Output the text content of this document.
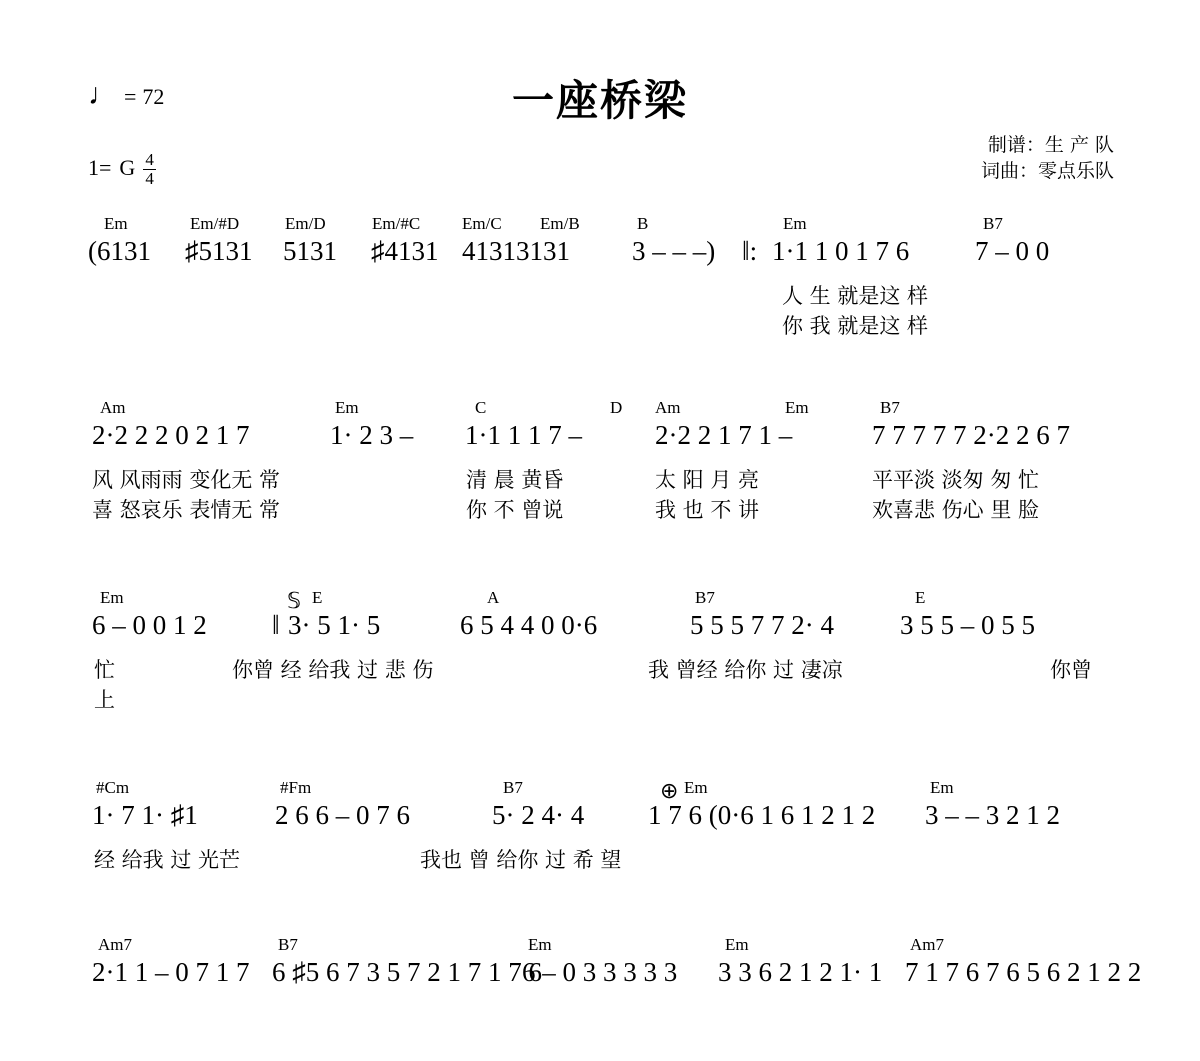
♩ = 72	一座桥梁
制谱：生 产 队
词曲：零点乐队
1= G $\frac{4}{4}$
Em	Em/#D	Em/D	Em/#C Em/C Em/B	B	Em	B7
(6131 ♯5131 5131 ♯4131 41313131 3 – – –) ‖: 1·1 1 0 1 7 6 7 – 0 0
人 生 就是这 样
你 我 就是这 样
Am	Em	C	D Am	Em	B7
2·2 2 2 0 2 1 7	1· 2 3 – 1·1 1 1 7 –	2·2 2 1 7 1 –	7 7 7 7 7 2·2 2 6 7
风 风雨雨 变化无 常	清 晨 黄昏	太 阳 月 亮	平平淡 淡匆 匆 忙
喜 怒哀乐 表情无 常	你 不 曾说	我 也 不 讲	欢喜悲 伤心 里 脸
Em	E	A	B7	E
𝕊
6 – 0 0 1 2 ‖ 3· 5 1· 5	6 5 4 4 0 0·6	5 5 5 7 7 2· 4 3 5 5 – 0 5 5
忙	你曾 经 给我 过 悲 伤	我 曾经 给你 过 凄凉	你曾
上
#Cm	#Fm	B7	Em	Em
⊕
1· 7 1· ♯1	2 6 6 – 0 7 6	5· 2 4· 4 1 7 6 (0·6 1 6 1 2 1 2 3 – – 3 2 1 2
经 给我 过 光芒	我也 曾 给你 过 希 望
Am7	B7	Em	Em	Am7
2·1 1 – 0 7 1 7 6 ♯5 6 7 3 5 7 2 1 7 1 7 6
6 – 0 3 3 3 3 3 3 3 6 2 1 2 1· 1 7 1 7 6 7 6 5 6 2 1 2 2
